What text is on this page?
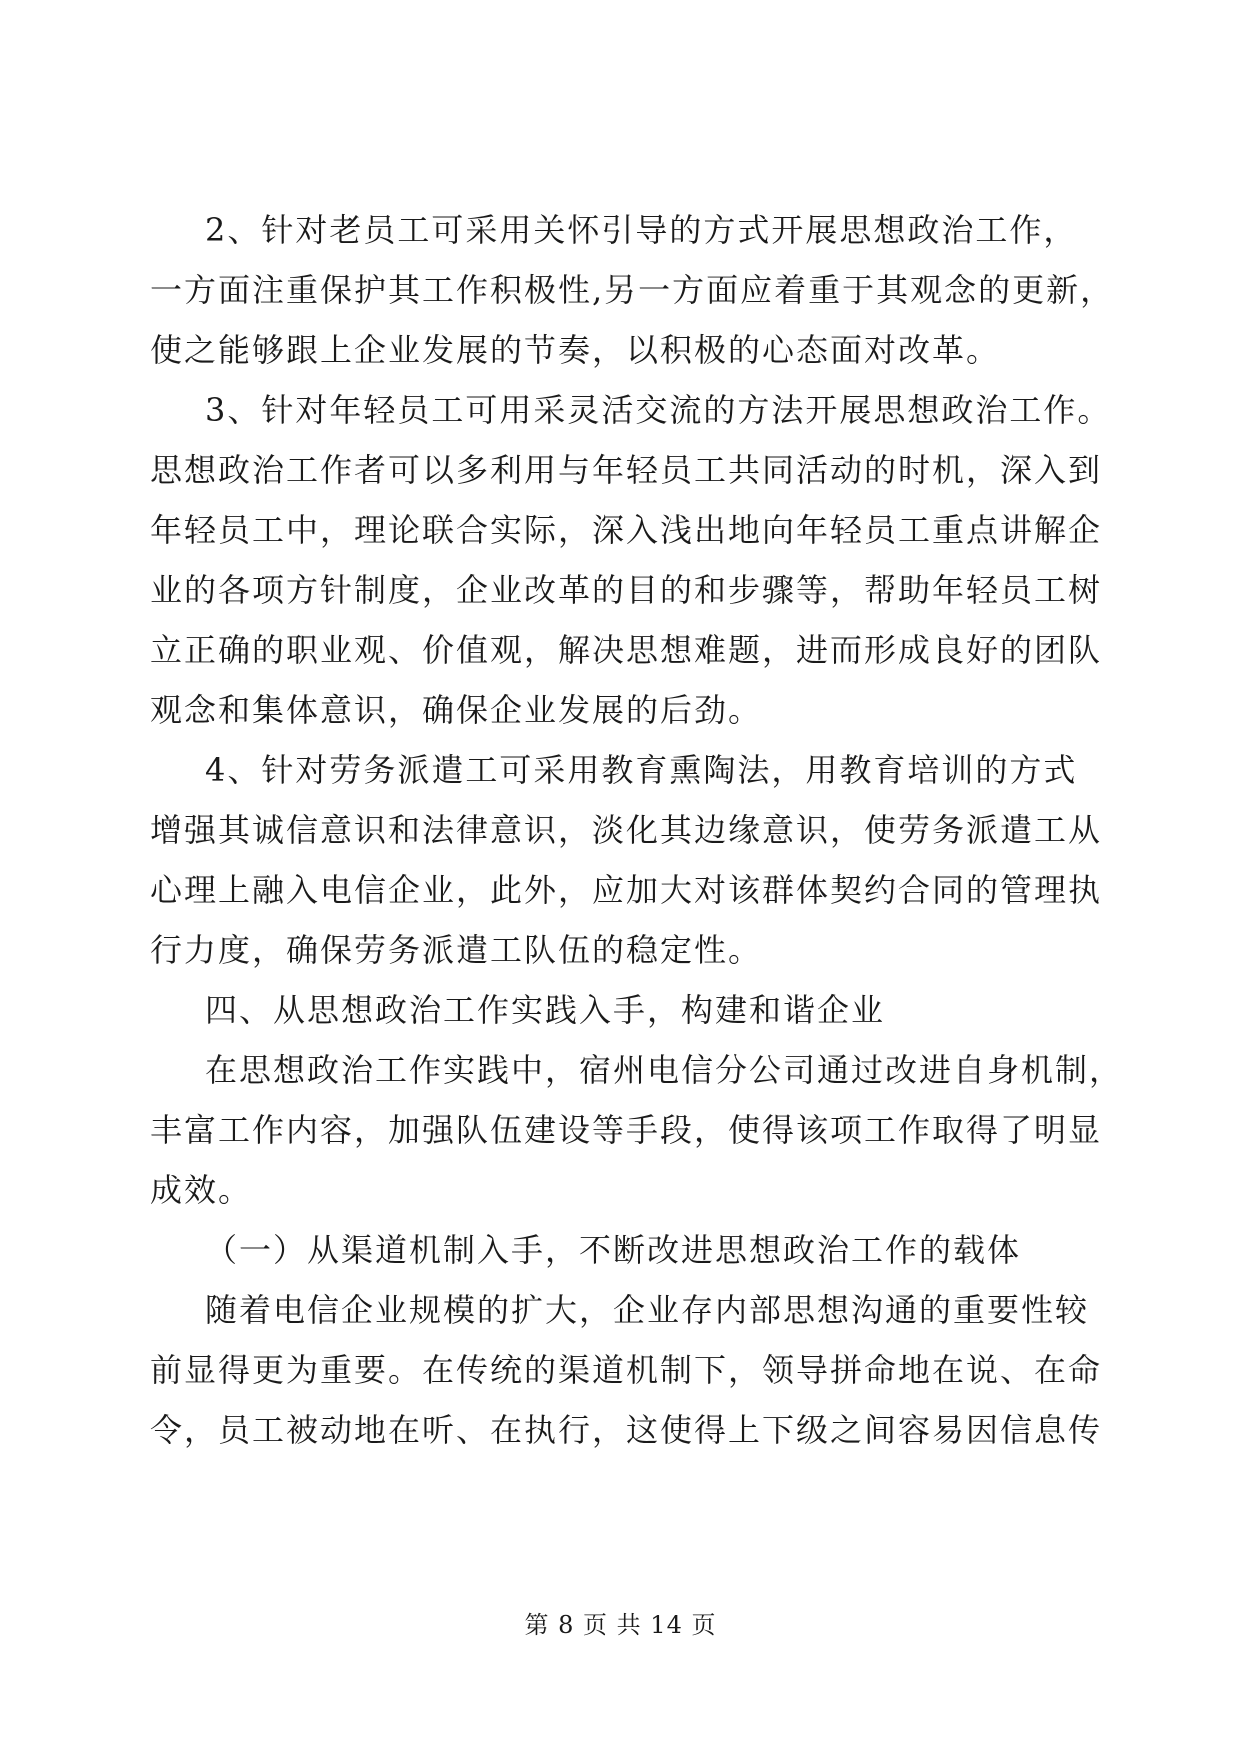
2、针对老员工可采用关怀引导的方式开展思想政治工作，
一方面注重保护其工作积极性,另一方面应着重于其观念的更新，
使之能够跟上企业发展的节奏，以积极的心态面对改革。
3、针对年轻员工可用采灵活交流的方法开展思想政治工作。
思想政治工作者可以多利用与年轻员工共同活动的时机，深入到
年轻员工中，理论联合实际，深入浅出地向年轻员工重点讲解企
业的各项方针制度，企业改革的目的和步骤等，帮助年轻员工树
立正确的职业观、价值观，解决思想难题，进而形成良好的团队
观念和集体意识，确保企业发展的后劲。
4、针对劳务派遣工可采用教育熏陶法，用教育培训的方式
增强其诚信意识和法律意识，淡化其边缘意识，使劳务派遣工从
心理上融入电信企业，此外，应加大对该群体契约合同的管理执
行力度，确保劳务派遣工队伍的稳定性。
四、从思想政治工作实践入手，构建和谐企业
在思想政治工作实践中，宿州电信分公司通过改进自身机制，
丰富工作内容，加强队伍建设等手段，使得该项工作取得了明显
成效。
（一）从渠道机制入手，不断改进思想政治工作的载体
随着电信企业规模的扩大，企业存内部思想沟通的重要性较
前显得更为重要。在传统的渠道机制下，领导拼命地在说、在命
令，员工被动地在听、在执行，这使得上下级之间容易因信息传
第 8 页 共 14 页
